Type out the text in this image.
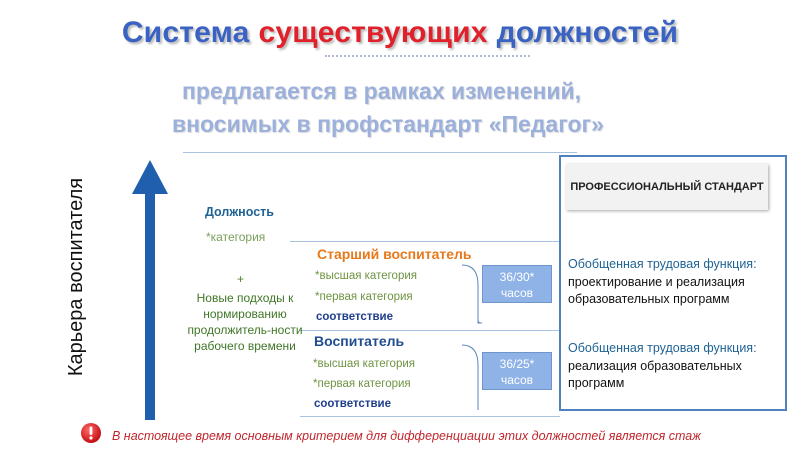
Система существующих должностей
предлагается в рамках изменений,
вносимых в профстандарт «Педагог»
Карьера воспитателя	Должность
*категория
+
Новые подходы к нормированию продолжитель-ности рабочего времени
Старший воспитатель
*высшая категория
*первая категория
соответствие
Воспитатель
*высшая категория
*первая категория
соответствие
36/30*
часов
36/25*
часов
ПРОФЕССИОНАЛЬНЫЙ СТАНДАРТ
Обобщенная трудовая функция:
проектирование и реализация образовательных программ
Обобщенная трудовая функция:
реализация образовательных программ
В настоящее время основным критерием для дифференциации этих должностей является стаж
